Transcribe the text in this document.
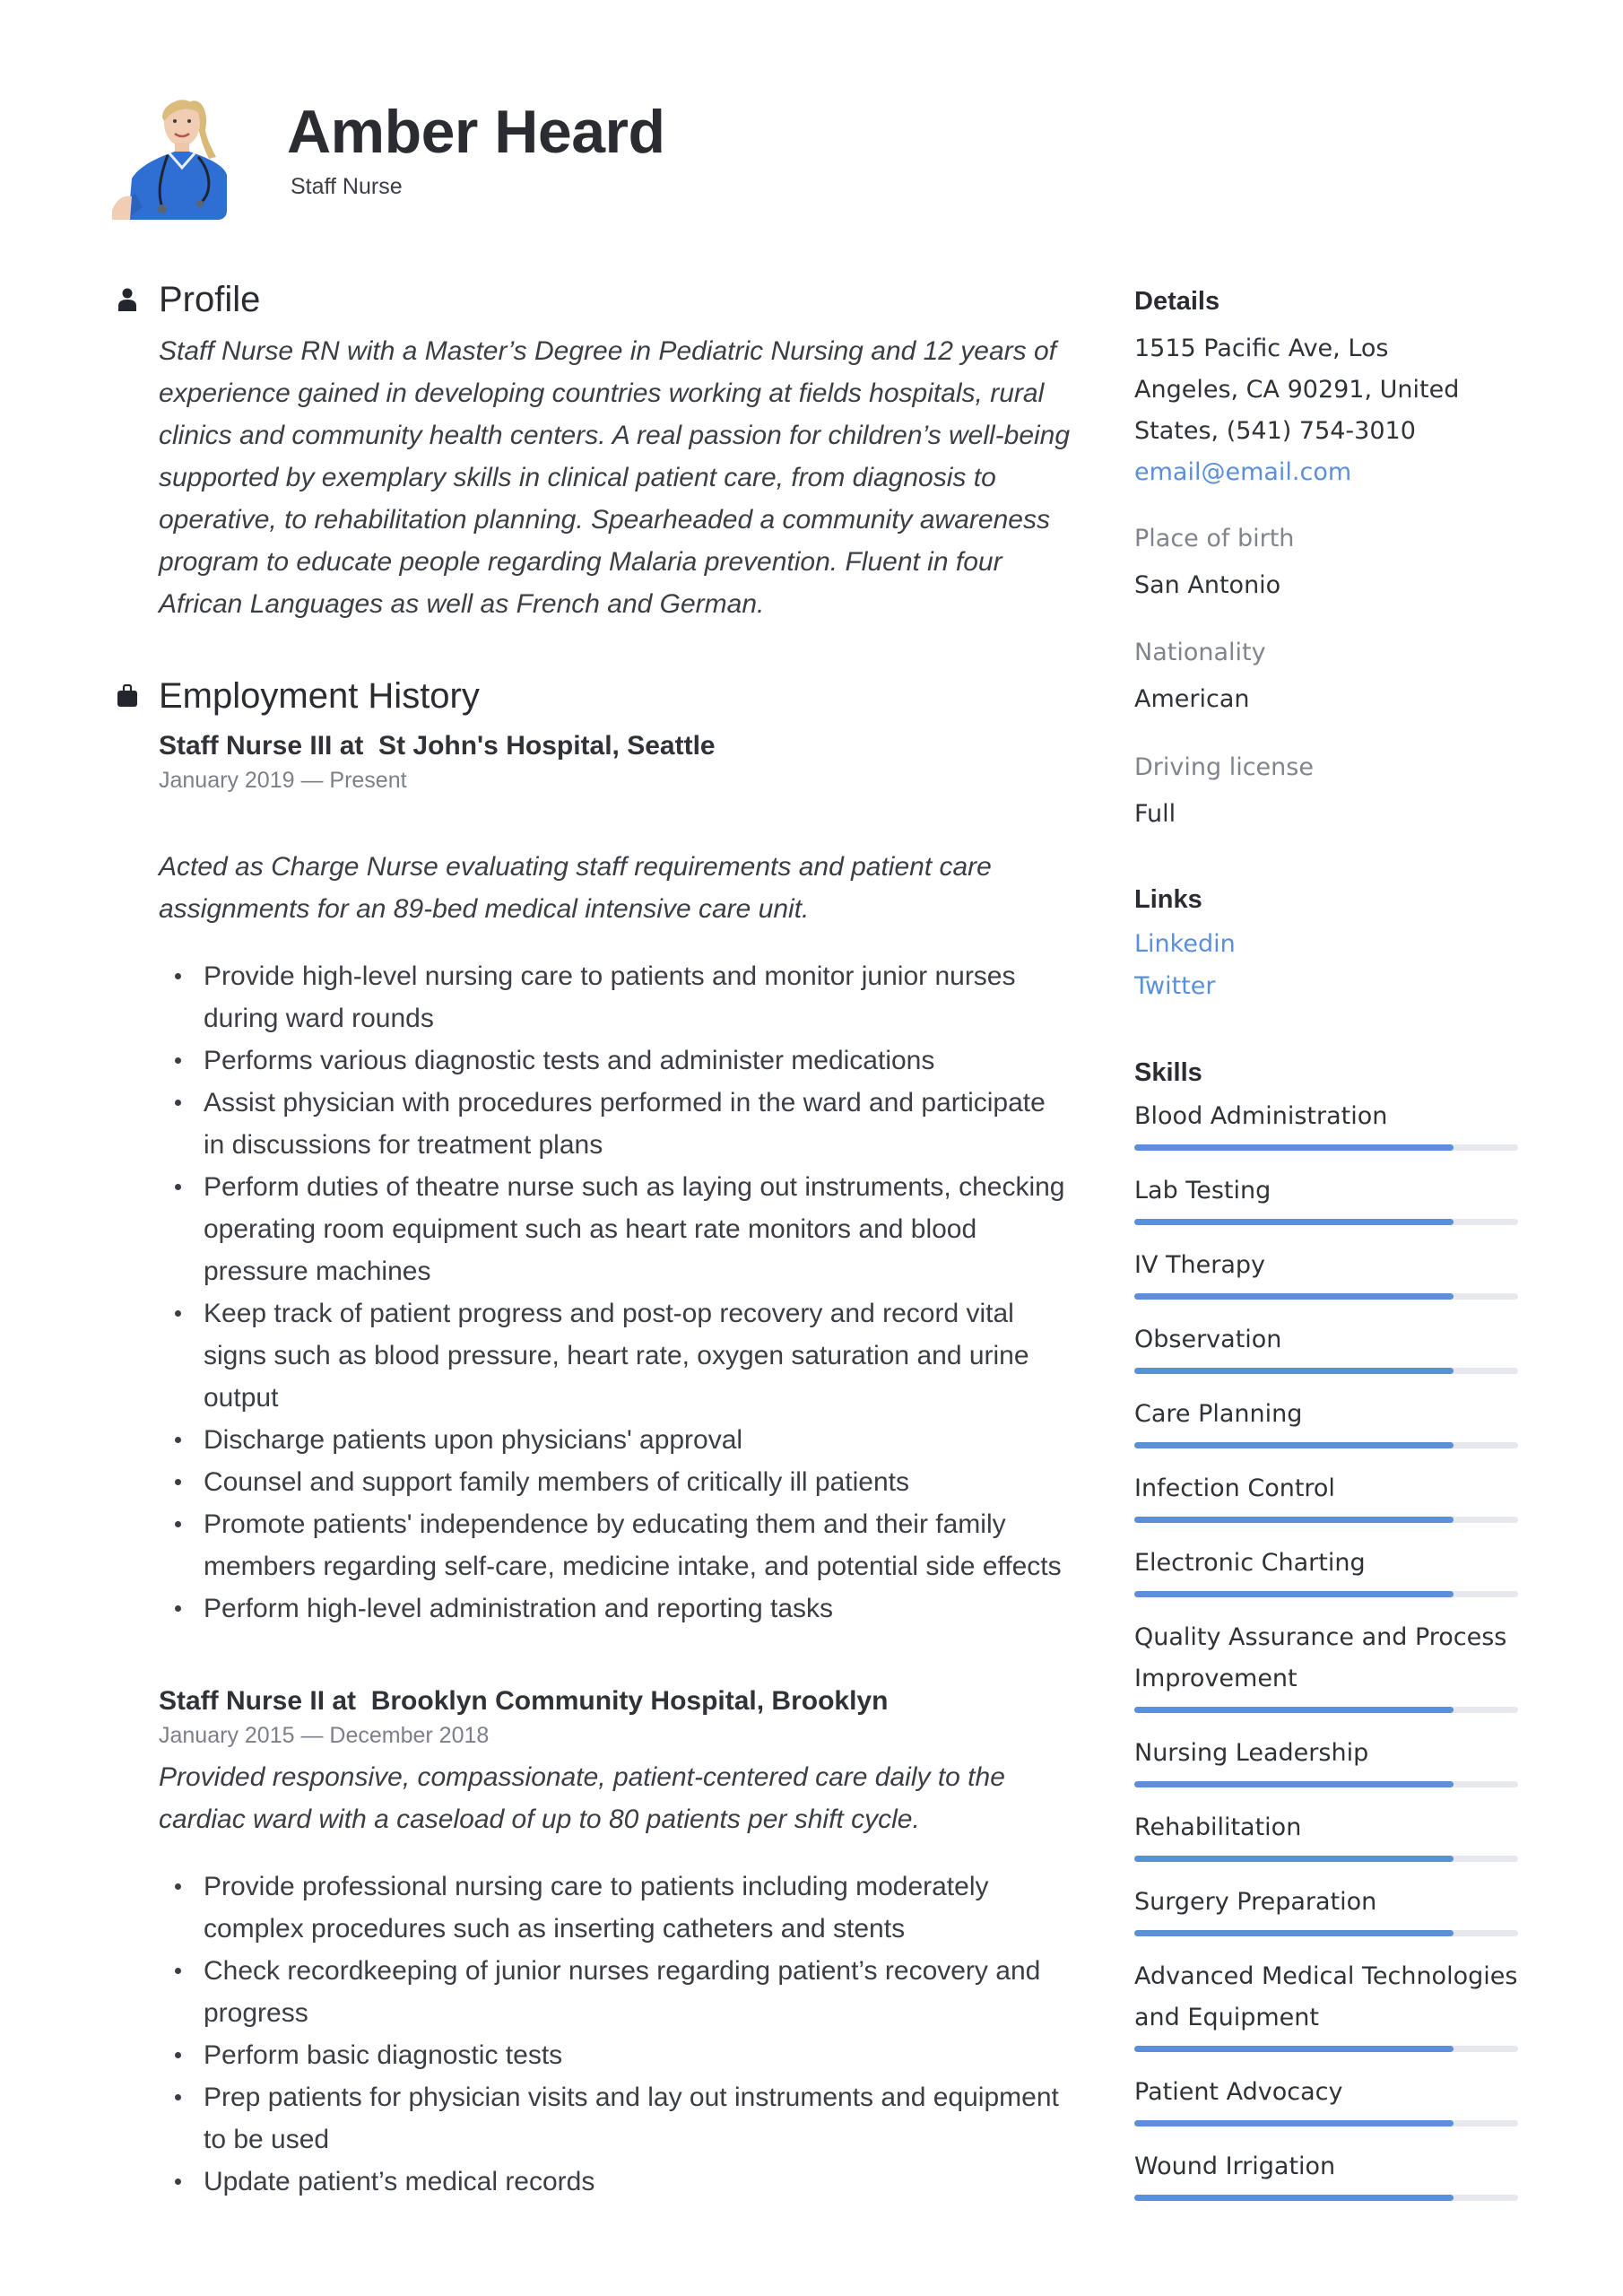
Amber Heard
Staff Nurse
Profile
Staff Nurse RN with a Master’s Degree in Pediatric Nursing and 12 years of experience gained in developing countries working at fields hospitals, rural clinics and community health centers. A real passion for children’s well-being supported by exemplary skills in clinical patient care, from diagnosis to operative, to rehabilitation planning. Spearheaded a community awareness program to educate people regarding Malaria prevention. Fluent in four African Languages as well as French and German.
Employment History
Staff Nurse III at  St John's Hospital, Seattle
January 2019 — Present
Acted as Charge Nurse evaluating staff requirements and patient care assignments for an 89-bed medical intensive care unit.
Provide high-level nursing care to patients and monitor junior nurses during ward rounds
Performs various diagnostic tests and administer medications
Assist physician with procedures performed in the ward and participate in discussions for treatment plans
Perform duties of theatre nurse such as laying out instruments, checking operating room equipment such as heart rate monitors and blood pressure machines
Keep track of patient progress and post-op recovery and record vital signs such as blood pressure, heart rate, oxygen saturation and urine output
Discharge patients upon physicians' approval
Counsel and support family members of critically ill patients
Promote patients' independence by educating them and their family members regarding self-care, medicine intake, and potential side effects
Perform high-level administration and reporting tasks
Staff Nurse II at  Brooklyn Community Hospital, Brooklyn
January 2015 — December 2018
Provided responsive, compassionate, patient-centered care daily to the cardiac ward with a caseload of up to 80 patients per shift cycle.
Provide professional nursing care to patients including moderately complex procedures such as inserting catheters and stents
Check recordkeeping of junior nurses regarding patient’s recovery and progress
Perform basic diagnostic tests
Prep patients for physician visits and lay out instruments and equipment to be used
Update patient’s medical records
Details
1515 Pacific Ave, Los Angeles, CA 90291, United States, (541) 754-3010
email@email.com
Place of birth
San Antonio
Nationality
American
Driving license
Full
Links
Linkedin
Twitter
Skills
Blood Administration
Lab Testing
IV Therapy
Observation
Care Planning
Infection Control
Electronic Charting
Quality Assurance and Process Improvement
Nursing Leadership
Rehabilitation
Surgery Preparation
Advanced Medical Technologies and Equipment
Patient Advocacy
Wound Irrigation
